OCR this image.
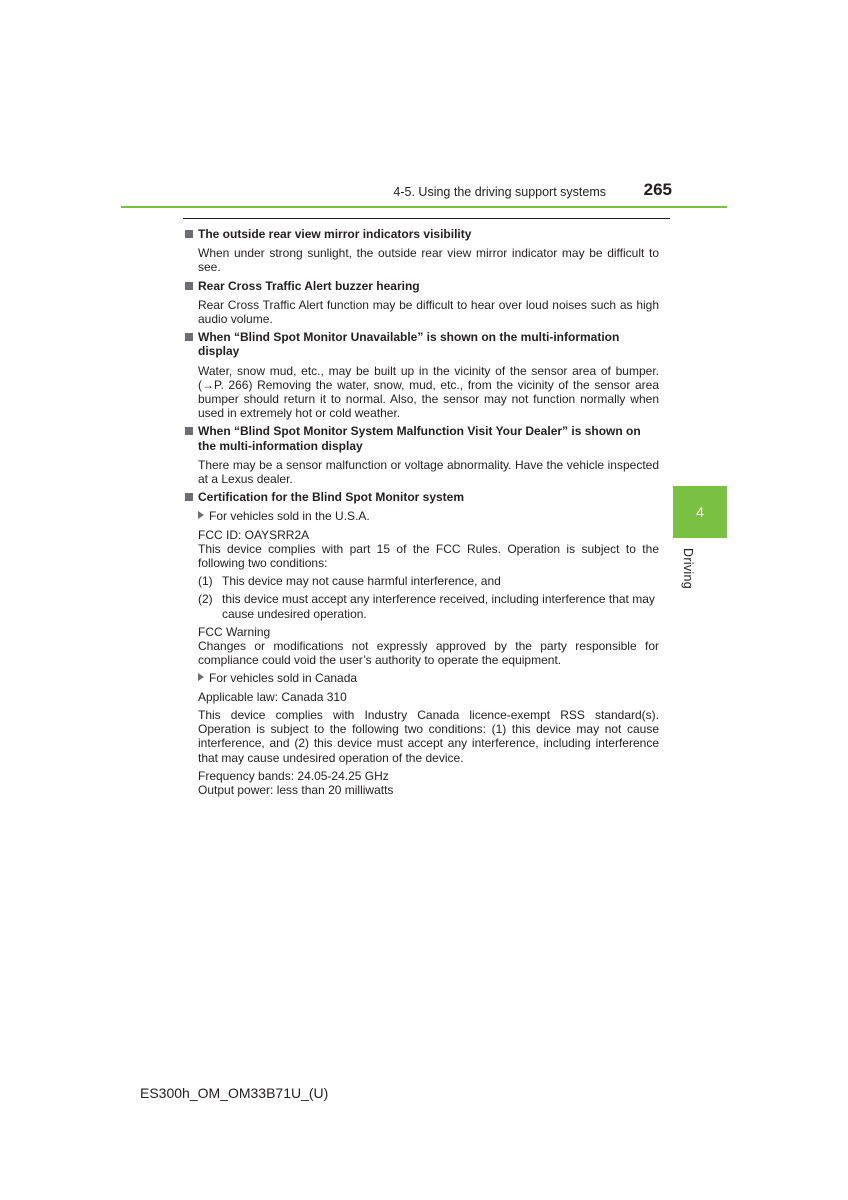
4-5. Using the driving support systems	265
The outside rear view mirror indicators visibility
When under strong sunlight, the outside rear view mirror indicator may be difficult to see.
Rear Cross Traffic Alert buzzer hearing
Rear Cross Traffic Alert function may be difficult to hear over loud noises such as high audio volume.
When “Blind Spot Monitor Unavailable” is shown on the multi-information display
Water, snow mud, etc., may be built up in the vicinity of the sensor area of bumper. (→P. 266) Removing the water, snow, mud, etc., from the vicinity of the sensor area bumper should return it to normal. Also, the sensor may not function normally when used in extremely hot or cold weather.
When “Blind Spot Monitor System Malfunction Visit Your Dealer” is shown on the multi-information display
There may be a sensor malfunction or voltage abnormality. Have the vehicle inspected at a Lexus dealer.
Certification for the Blind Spot Monitor system
For vehicles sold in the U.S.A.
FCC ID: OAYSRR2A
This device complies with part 15 of the FCC Rules. Operation is subject to the following two conditions:
(1) This device may not cause harmful interference, and
(2) this device must accept any interference received, including interference that may cause undesired operation.
FCC Warning
Changes or modifications not expressly approved by the party responsible for compliance could void the user’s authority to operate the equipment.
For vehicles sold in Canada
Applicable law: Canada 310
This device complies with Industry Canada licence-exempt RSS standard(s). Operation is subject to the following two conditions: (1) this device may not cause interference, and (2) this device must accept any interference, including interference that may cause undesired operation of the device.
Frequency bands: 24.05-24.25 GHz
Output power: less than 20 milliwatts
4
Driving
ES300h_OM_OM33B71U_(U)
